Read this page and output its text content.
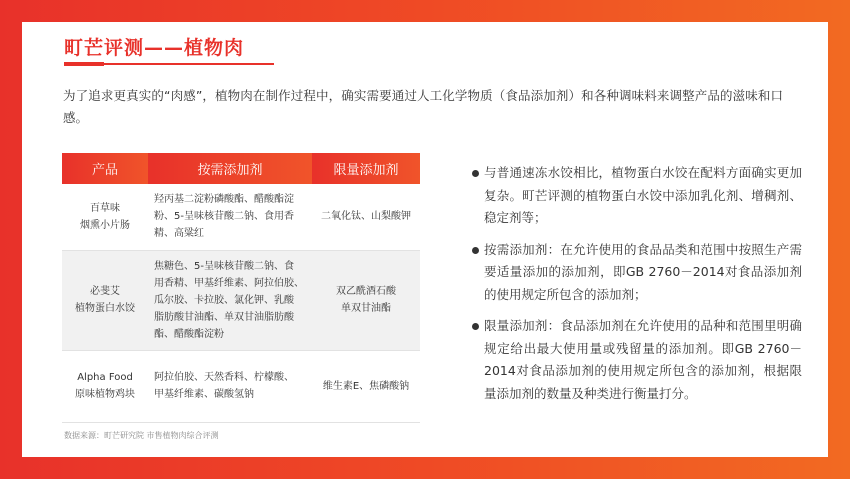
町芒评测——植物肉

为了追求更真实的“肉感”，植物肉在制作过程中，确实需要通过人工化学物质（食品添加剂）和各种调味料来调整产品的滋味和口感。

产品	按需添加剂	限量添加剂

百草味
烟熏小片肠	羟丙基二淀粉磷酸酯、醋酸酯淀
粉、5-呈味核苷酸二钠、食用香
精、高粱红	二氧化钛、山梨酸钾

必斐艾
植物蛋白水饺	焦糖色、5-呈味核苷酸二钠、食
用香精、甲基纤维素、阿拉伯胶、
瓜尔胶、卡拉胶、氯化钾、乳酸
脂肪酸甘油酯、单双甘油脂肪酸
酯、醋酸酯淀粉	双乙酰酒石酸
单双甘油酯

Alpha Food
原味植物鸡块	阿拉伯胶、天然香料、柠檬酸、
甲基纤维素、碳酸氢钠	维生素E、焦磷酸钠
数据来源：町芒研究院 市售植物肉综合评测
与普通速冻水饺相比，植物蛋白水饺在配料方面确实更加复杂。町芒评测的植物蛋白水饺中添加乳化剂、增稠剂、稳定剂等；
按需添加剂：在允许使用的食品品类和范围中按照生产需要适量添加的添加剂，即GB 2760－2014对食品添加剂的使用规定所包含的添加剂；
限量添加剂：食品添加剂在允许使用的品种和范围里明确规定给出最大使用量或残留量的添加剂。即GB 2760－2014对食品添加剂的使用规定所包含的添加剂，根据限量添加剂的数量及种类进行衡量打分。
